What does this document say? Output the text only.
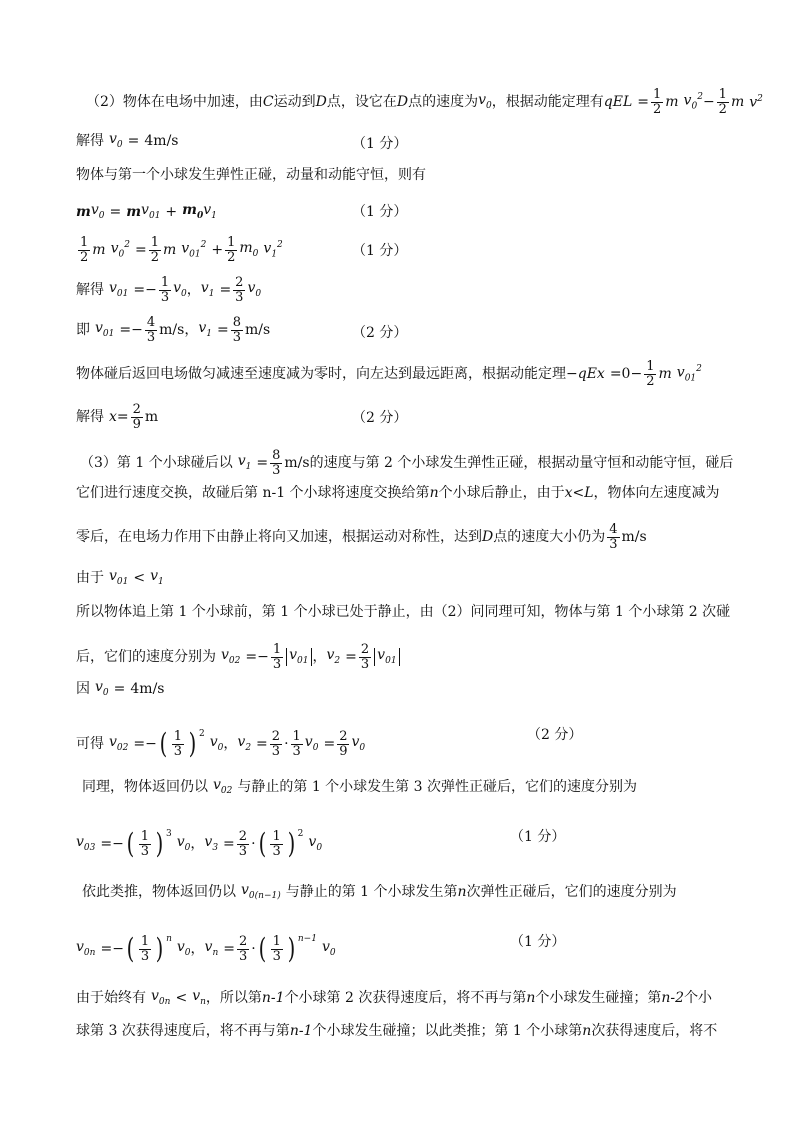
（2）物体在电场中加速，由 C 运动到 D 点，设它在 D 点的速度为 $v_0$ ，根据动能定理有 qEL = $\frac{1}{2}$ m $v_0^2 - \frac{1}{2}$ m $v^2$
解得 $v_0 = 4m/s$	（1 分）
物体与第一个小球发生弹性正碰，动量和动能守恒，则有
m $v_0 = m$ $v_{01} + m_0$ $v_1$	（1 分）
$\frac{1}{2}$ m $v_0^2 = \frac{1}{2}$ m $v_{01}^2 + \frac{1}{2} m_0$ $v_1^2$	（1 分）
解得 $v_{01}$ = − $\frac{1}{3} v_0$ ， $v_1 = \frac{2}{3} v_0$
即 $v_{01}$ = − $\frac{4}{3} m/s$ ， $v_1 = \frac{8}{3} m/s$	（2 分）
物体碰后返回电场做匀减速至速度减为零时，向左达到最远距离，根据动能定理 $-qEx = 0 - \frac{1}{2}$ m $v_{01}^2$
解得 $x = \frac{2}{9}$ m	（2 分）
（3）第 1 个小球碰后以 $v_1 = \frac{8}{3} m/s$ 的速度与第 2 个小球发生弹性正碰，根据动量守恒和动能守恒，碰后
它们进行速度交换，故碰后第 n-1 个小球将速度交换给第 n 个小球后静止，由于 x < L ，物体向左速度减为
零后，在电场力作用下由静止将向又加速，根据运动对称性，达到 D 点的速度大小仍为 $\frac{4}{3} m/s$
由于 $v_{01} < v_1$
所以物体追上第 1 个小球前，第 1 个小球已处于静止，由（2）问同理可知，物体与第 1 个小球第 2 次碰
后，它们的速度分别为 $v_{02}$ = − $\frac{1}{3} v_{01}$ ， $v_2 = \frac{2}{3} v_{01}$
因 $v_0 = 4m/s$
可得 $v_{02}$ = − ( $\frac{1}{3}$ ) $^2$
$v_0$ ， $v_2 = \frac{2}{3} \cdot \frac{1}{3} v_0 = \frac{2}{9} v_0$
（2 分）
同理，物体返回仍以 $v_{02}$ 与静止的第 1 个小球发生第 3 次弹性正碰后，它们的速度分别为
$v_{03}$ = − ( $\frac{1}{3}$ ) $^3$
$v_0$ ， $v_3 = \frac{2}{3}$ · ( $\frac{1}{3}$ ) $^2$
$v_0$
（1 分）
依此类推，物体返回仍以 $v_{0(n-1)}$ 与静止的第 1 个小球发生第 n 次弹性正碰后，它们的速度分别为
$v_{0n}$ = − ( $\frac{1}{3}$ ) $^n$
$v_0$ ， $v_n = \frac{2}{3}$ · ( $\frac{1}{3}$ ) $^{n-1}$
$v_0$
（1 分）
由于始终有 $v_{0n} < v_n$ ，所以第 n-1 个小球第 2 次获得速度后，将不再与第 n 个小球发生碰撞；第 n-2 个小
球第 3 次获得速度后，将不再与第 n-1 个小球发生碰撞；以此类推；第 1 个小球第 n 次获得速度后，将不
